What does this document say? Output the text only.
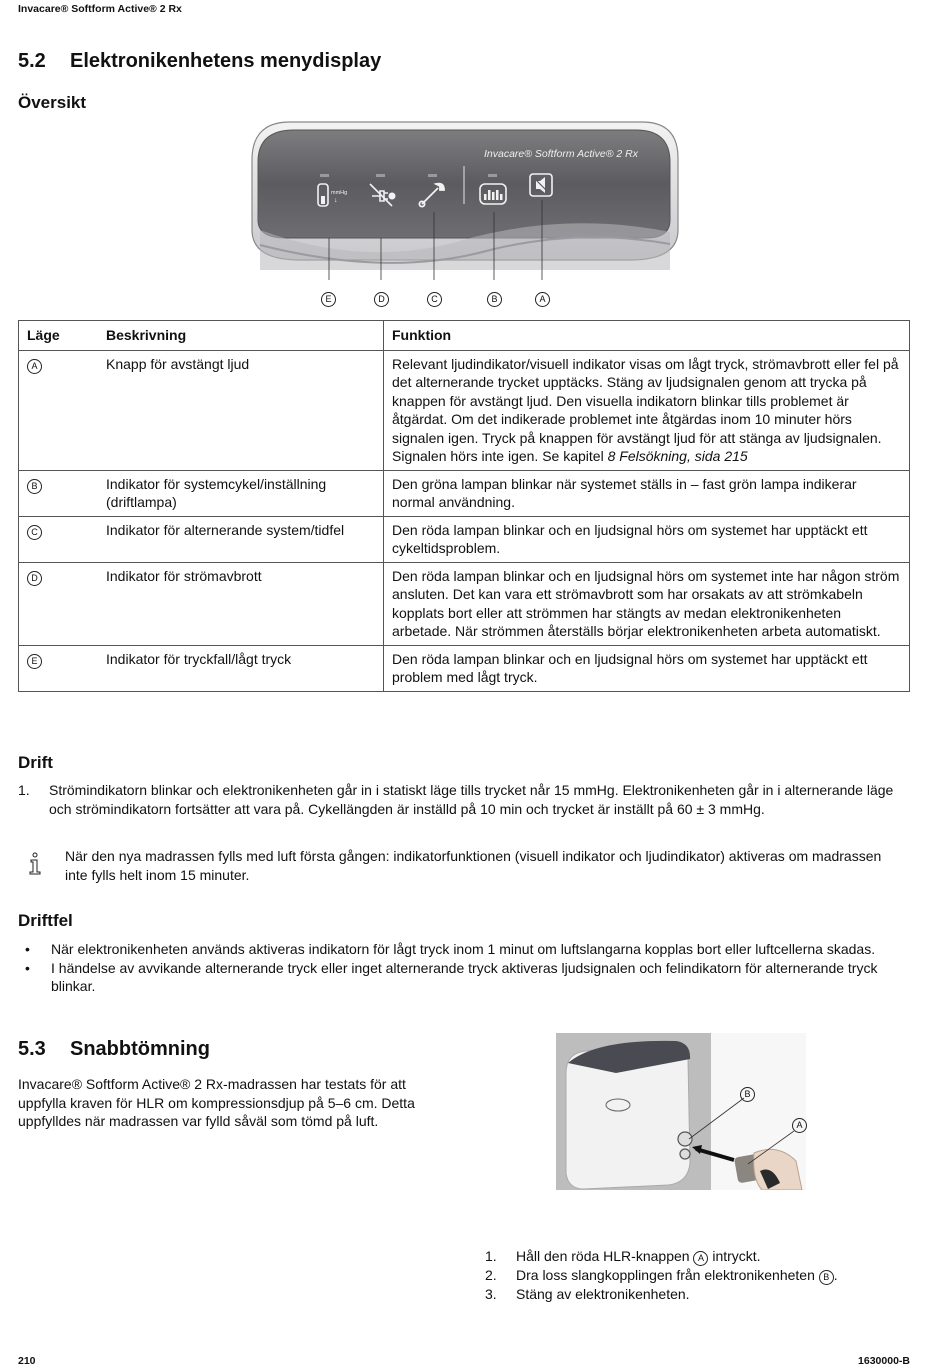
Invacare® Softform Active® 2 Rx
5.2 Elektronikenhetens menydisplay
Översikt
mmHg
↓
Invacare® Softform Active® 2 Rx
E	D	C	B	A
Läge	Beskrivning	Funktion
A	Knapp för avstängt ljud	Relevant ljudindikator/visuell indikator visas om lågt tryck, strömavbrott eller fel på det alternerande trycket upptäcks. Stäng av ljudsignalen genom att trycka på knappen för avstängt ljud. Den visuella indikatorn blinkar tills problemet är åtgärdat. Om det indikerade problemet inte åtgärdas inom 10 minuter hörs signalen igen. Tryck på knappen för avstängt ljud för att stänga av ljudsignalen. Signalen hörs inte igen. Se kapitel 8 Felsökning, sida 215
B	Indikator för systemcykel/inställning (driftlampa)	Den gröna lampan blinkar när systemet ställs in – fast grön lampa indikerar normal användning.
C	Indikator för alternerande system/tidfel	Den röda lampan blinkar och en ljudsignal hörs om systemet har upptäckt ett cykeltidsproblem.
D	Indikator för strömavbrott	Den röda lampan blinkar och en ljudsignal hörs om systemet inte har någon ström ansluten. Det kan vara ett strömavbrott som har orsakats av att strömkabeln kopplats bort eller att strömmen har stängts av medan elektronikenheten arbetade. När strömmen återställs börjar elektronikenheten arbeta automatiskt.
E	Indikator för tryckfall/lågt tryck	Den röda lampan blinkar och en ljudsignal hörs om systemet har upptäckt ett problem med lågt tryck.
Drift
1. Strömindikatorn blinkar och elektronikenheten går in i statiskt läge tills trycket når 15 mmHg. Elektronikenheten går in i alternerande läge och strömindikatorn fortsätter att vara på. Cykellängden är inställd på 10 min och trycket är inställt på 60 ± 3 mmHg.
När den nya madrassen fylls med luft första gången: indikatorfunktionen (visuell indikator och ljudindikator) aktiveras om madrassen inte fylls helt inom 15 minuter.
Driftfel
• När elektronikenheten används aktiveras indikatorn för lågt tryck inom 1 minut om luftslangarna kopplas bort eller luftcellerna skadas.
• I händelse av avvikande alternerande tryck eller inget alternerande tryck aktiveras ljudsignalen och felindikatorn för alternerande tryck blinkar.
5.3 Snabbtömning
Invacare® Softform Active® 2 Rx-madrassen har testats för att uppfylla kraven för HLR om kompressionsdjup på 5–6 cm. Detta uppfylldes när madrassen var fylld såväl som tömd på luft.
B
A
1. Håll den röda HLR-knappen A intryckt.
2. Dra loss slangkopplingen från elektronikenheten B .
3. Stäng av elektronikenheten.
210	1630000-B
